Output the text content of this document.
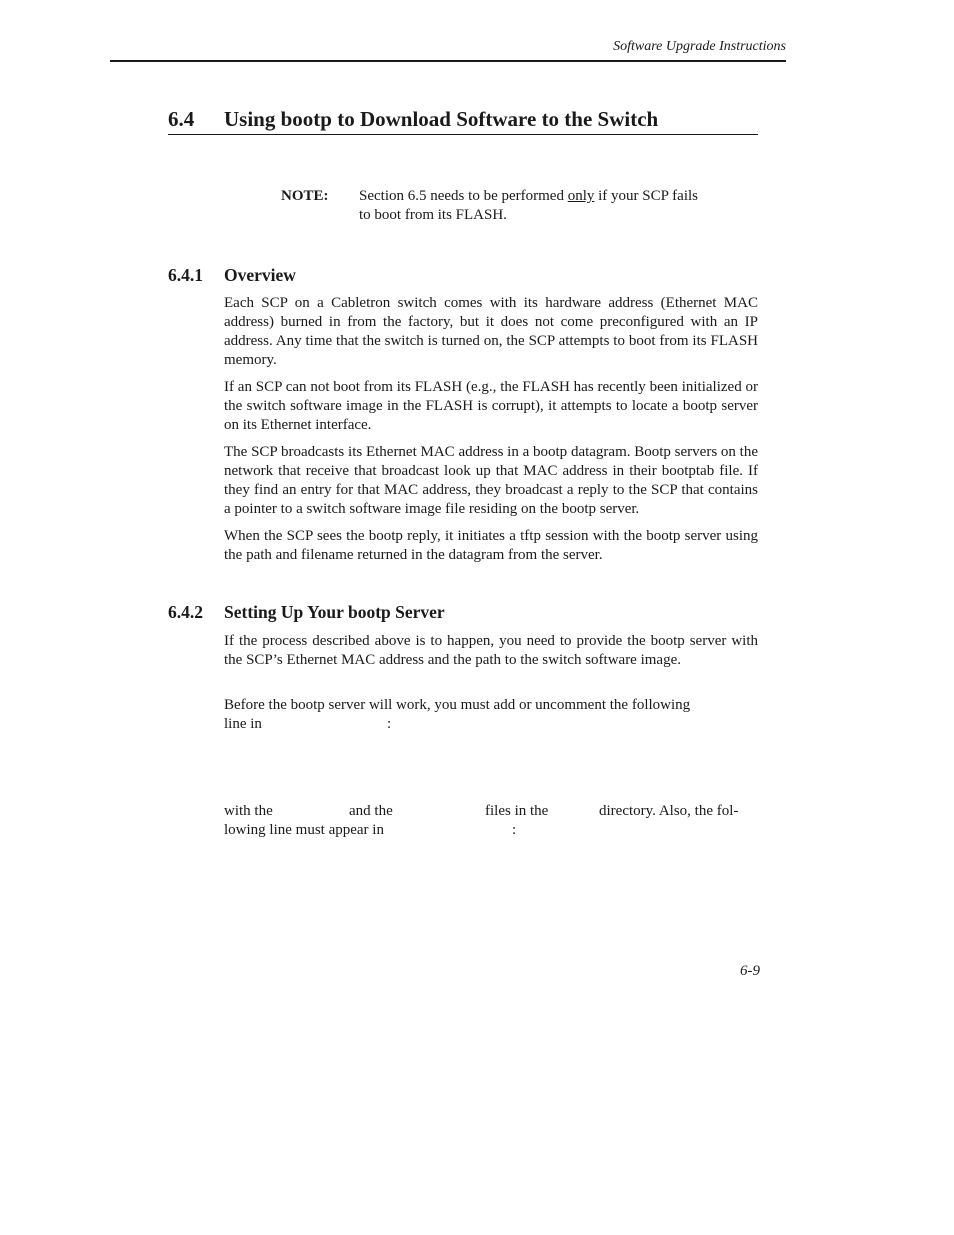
Software Upgrade Instructions
6.4 Using bootp to Download Software to the Switch
NOTE: Section 6.5 needs to be performed only if your SCP fails to boot from its FLASH.
6.4.1 Overview

Each SCP on a Cabletron switch comes with its hardware address (Ethernet MAC address) burned in from the factory, but it does not come preconfigured with an IP address. Any time that the switch is turned on, the SCP attempts to boot from its FLASH memory.

If an SCP can not boot from its FLASH (e.g., the FLASH has recently been initialized or the switch software image in the FLASH is corrupt), it attempts to locate a bootp server on its Ethernet interface.

The SCP broadcasts its Ethernet MAC address in a bootp datagram. Bootp servers on the network that receive that broadcast look up that MAC address in their bootptab file. If they find an entry for that MAC address, they broadcast a reply to the SCP that contains a pointer to a switch software image file residing on the bootp server.

When the SCP sees the bootp reply, it initiates a tftp session with the bootp server using the path and filename returned in the datagram from the server.

6.4.2 Setting Up Your bootp Server

If the process described above is to happen, you need to provide the bootp server with the SCP’s Ethernet MAC address and the path to the switch software image.

Before the bootp server will work, you must add or uncomment the following
line in	:
with the	and the	files in the	directory. Also, the fol-
lowing line must appear in	:
6-9
